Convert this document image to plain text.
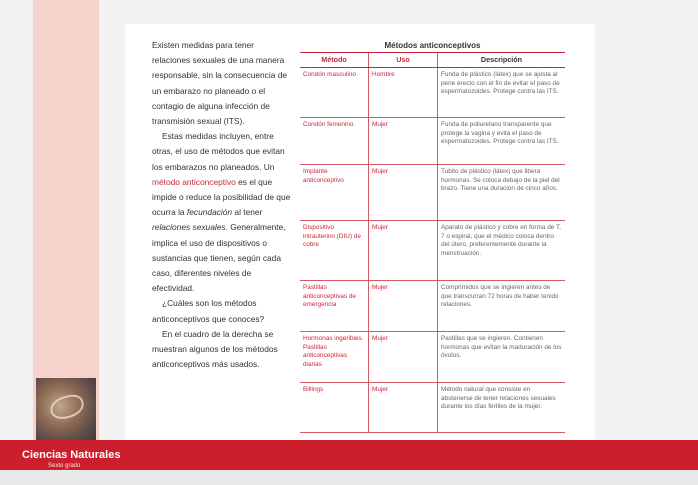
Existen medidas para tener relaciones sexuales de una manera responsable, sin la consecuencia de un embarazo no planeado o el contagio de alguna infección de transmisión sexual (ITS).

Estas medidas incluyen, entre otras, el uso de métodos que evitan los embarazos no planeados. Un método anticonceptivo es el que impide o reduce la posibilidad de que ocurra la fecundación al tener relaciones sexuales. Generalmente, implica el uso de dispositivos o sustancias que tienen, según cada caso, diferentes niveles de efectividad.

¿Cuáles son los métodos anticonceptivos que conoces?

En el cuadro de la derecha se muestran algunos de los métodos anticonceptivos más usados.

Métodos anticonceptivos
Método	Uso	Descripción
Condón masculino	Hombre	Funda de plástico (látex) que se ajusta al pene erecto con el fin de evitar el paso de espermatozoides. Protege contra las ITS.
Condón femenino	Mujer	Funda de poliuretano transparente que protege la vagina y evita el paso de espermatozoides. Protege contra las ITS.
Implante anticonceptivo	Mujer	Tubito de plástico (látex) que libera hormonas. Se coloca debajo de la piel del brazo. Tiene una duración de cinco años.
Dispositivo intrauterino (DIU) de cobre	Mujer	Aparato de plástico y cobre en forma de T, 7 o espiral, que el médico coloca dentro del útero, preferentemente durante la menstruación.
Pastillas anticonceptivas de emergencia	Mujer	Comprimidos que se ingieren antes de que transcurran 72 horas de haber tenido relaciones.
Hormonas ingeribles. Pastillas anticonceptivas diarias	Mujer	Pastillas que se ingieren. Contienen hormonas que evitan la maduración de los óvulos.
Billings	Mujer	Método natural que consiste en abstenerse de tener relaciones sexuales durante los días fértiles de la mujer.
Ciencias Naturales
Sexto grado
